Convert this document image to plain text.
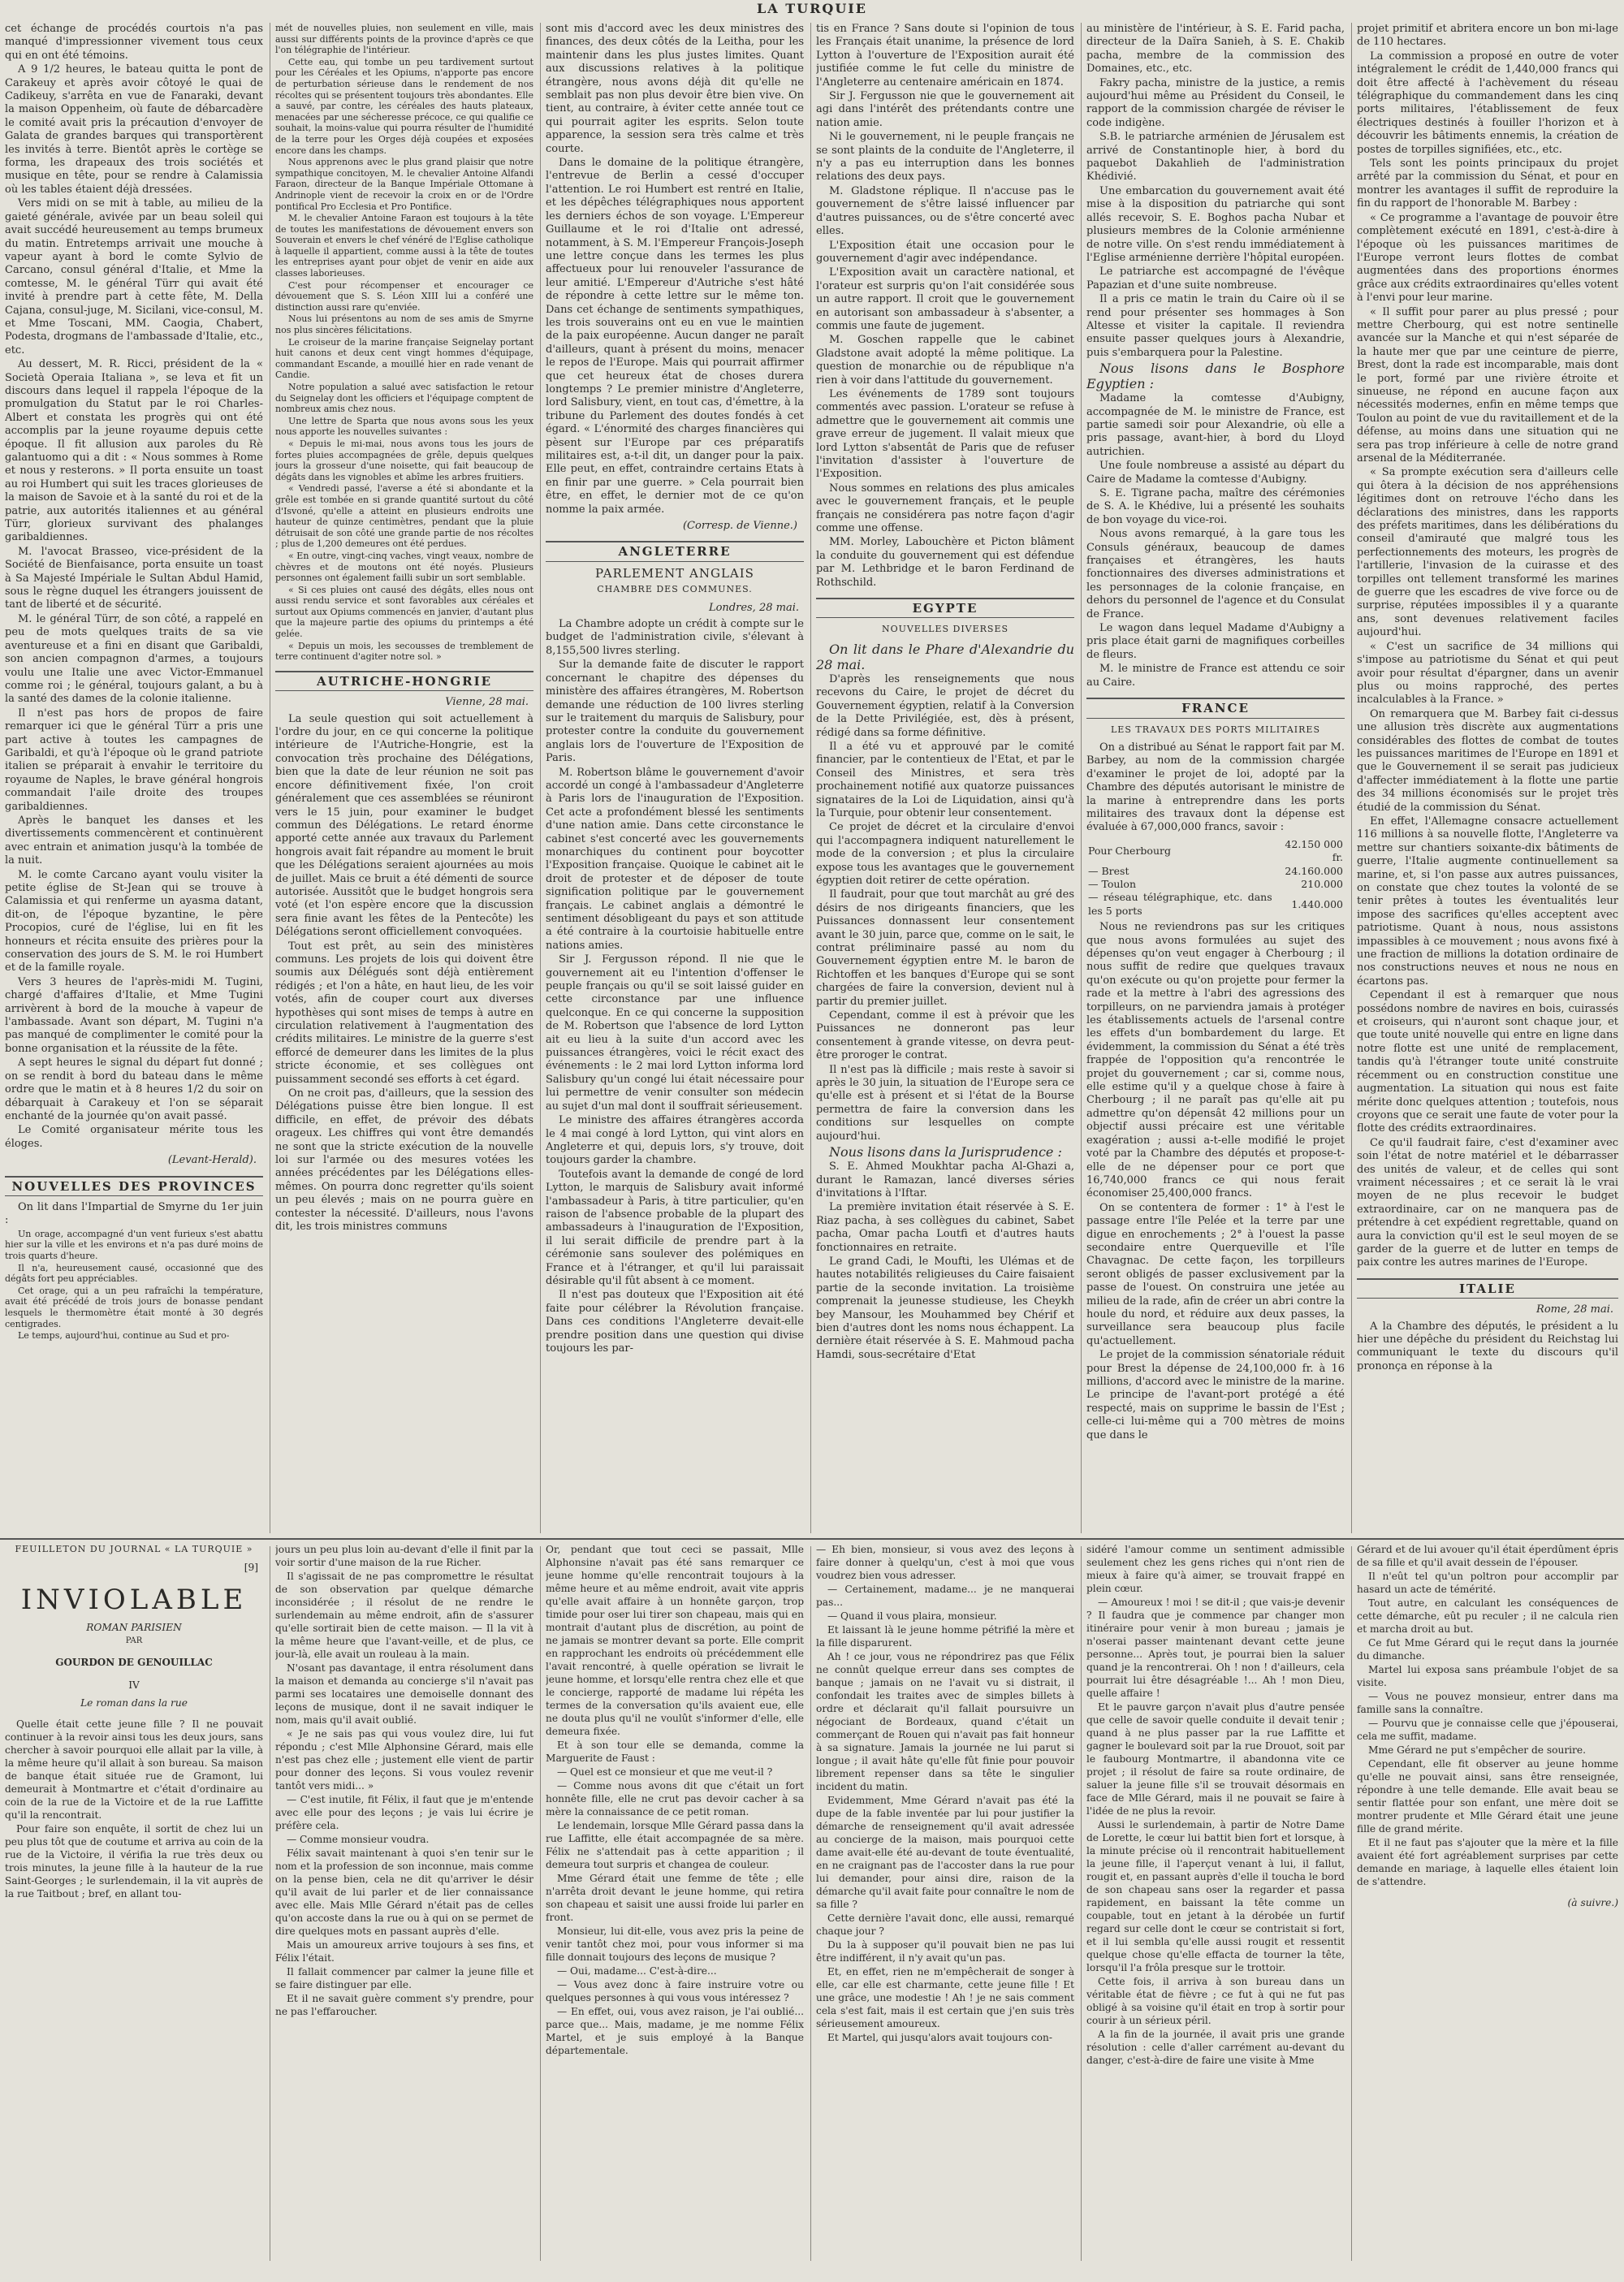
LA TURQUIE

cet échange de procédés courtois n'a pas manqué d'impressionner vivement tous ceux qui en ont été témoins.

A 9 1/2 heures, le bateau quitta le pont de Carakeuy et après avoir côtoyé le quai de Cadikeuy, s'arrêta en vue de Fanaraki, devant la maison Oppenheim, où faute de débarcadère le comité avait pris la précaution d'envoyer de Galata de grandes barques qui transportèrent les invités à terre. Bientôt après le cortège se forma, les drapeaux des trois sociétés et musique en tête, pour se rendre à Calamissia où les tables étaient déjà dressées.

Vers midi on se mit à table, au milieu de la gaieté générale, avivée par un beau soleil qui avait succédé heureusement au temps brumeux du matin. Entretemps arrivait une mouche à vapeur ayant à bord le comte Sylvio de Carcano, consul général d'Italie, et Mme la comtesse, M. le général Türr qui avait été invité à prendre part à cette fête, M. Della Cajana, consul-juge, M. Sicilani, vice-consul, M. et Mme Toscani, MM. Caogia, Chabert, Podesta, drogmans de l'ambassade d'Italie, etc., etc.

Au dessert, M. R. Ricci, président de la « Società Operaia Italiana », se leva et fit un discours dans lequel il rappela l'époque de la promulgation du Statut par le roi Charles-Albert et constata les progrès qui ont été accomplis par la jeune royaume depuis cette époque. Il fit allusion aux paroles du Rè galantuomo qui a dit : « Nous sommes à Rome et nous y resterons. » Il porta ensuite un toast au roi Humbert qui suit les traces glorieuses de la maison de Savoie et à la santé du roi et de la patrie, aux autorités italiennes et au général Türr, glorieux survivant des phalanges garibaldiennes.

M. l'avocat Brasseo, vice-président de la Société de Bienfaisance, porta ensuite un toast à Sa Majesté Impériale le Sultan Abdul Hamid, sous le règne duquel les étrangers jouissent de tant de liberté et de sécurité.

M. le général Türr, de son côté, a rappelé en peu de mots quelques traits de sa vie aventureuse et a fini en disant que Garibaldi, son ancien compagnon d'armes, a toujours voulu une Italie une avec Victor-Emmanuel comme roi ; le général, toujours galant, a bu à la santé des dames de la colonie italienne.

Il n'est pas hors de propos de faire remarquer ici que le général Türr a pris une part active à toutes les campagnes de Garibaldi, et qu'à l'époque où le grand patriote italien se préparait à envahir le territoire du royaume de Naples, le brave général hongrois commandait l'aile droite des troupes garibaldiennes.

Après le banquet les danses et les divertissements commencèrent et continuèrent avec entrain et animation jusqu'à la tombée de la nuit.

M. le comte Carcano ayant voulu visiter la petite église de St-Jean qui se trouve à Calamissia et qui renferme un ayasma datant, dit-on, de l'époque byzantine, le père Procopios, curé de l'église, lui en fit les honneurs et récita ensuite des prières pour la conservation des jours de S. M. le roi Humbert et de la famille royale.

Vers 3 heures de l'après-midi M. Tugini, chargé d'affaires d'Italie, et Mme Tugini arrivèrent à bord de la mouche à vapeur de l'ambassade. Avant son départ, M. Tugini n'a pas manqué de complimenter le comité pour la bonne organisation et la réussite de la fête.

A sept heures le signal du départ fut donné ; on se rendit à bord du bateau dans le même ordre que le matin et à 8 heures 1/2 du soir on débarquait à Carakeuy et l'on se séparait enchanté de la journée qu'on avait passé.

Le Comité organisateur mérite tous les éloges.

(Levant-Herald).
NOUVELLES DES PROVINCES

On lit dans l'Impartial de Smyrne du 1er juin :

Un orage, accompagné d'un vent furieux s'est abattu hier sur la ville et les environs et n'a pas duré moins de trois quarts d'heure.

Il n'a, heureusement causé, occasionné que des dégâts fort peu appréciables.

Cet orage, qui a un peu rafraîchi la température, avait été précédé de trois jours de bonasse pendant lesquels le thermomètre était monté à 30 degrés centigrades.

Le temps, aujourd'hui, continue au Sud et pro-

mét de nouvelles pluies, non seulement en ville, mais aussi sur différents points de la province d'après ce que l'on télégraphie de l'intérieur.

Cette eau, qui tombe un peu tardivement surtout pour les Céréales et les Opiums, n'apporte pas encore de perturbation sérieuse dans le rendement de nos récoltes qui se présentent toujours très abondantes. Elle a sauvé, par contre, les céréales des hauts plateaux, menacées par une sécheresse précoce, ce qui qualifie ce souhait, la moins-value qui pourra résulter de l'humidité de la terre pour les Orges déjà coupées et exposées encore dans les champs.

Nous apprenons avec le plus grand plaisir que notre sympathique concitoyen, M. le chevalier Antoine Alfandi Faraon, directeur de la Banque Impériale Ottomane à Andrinople vient de recevoir la croix en or de l'Ordre pontifical Pro Ecclesia et Pro Pontifice.

M. le chevalier Antoine Faraon est toujours à la tête de toutes les manifestations de dévouement envers son Souverain et envers le chef vénéré de l'Eglise catholique à laquelle il appartient, comme aussi à la tête de toutes les entreprises ayant pour objet de venir en aide aux classes laborieuses.

C'est pour récompenser et encourager ce dévouement que S. S. Léon XIII lui a conféré une distinction aussi rare qu'enviée.

Nous lui présentons au nom de ses amis de Smyrne nos plus sincères félicitations.

Le croiseur de la marine française Seignelay portant huit canons et deux cent vingt hommes d'équipage, commandant Escande, a mouillé hier en rade venant de Candie.

Notre population a salué avec satisfaction le retour du Seignelay dont les officiers et l'équipage comptent de nombreux amis chez nous.

Une lettre de Sparta que nous avons sous les yeux nous apporte les nouvelles suivantes :

« Depuis le mi-mai, nous avons tous les jours de fortes pluies accompagnées de grêle, depuis quelques jours la grosseur d'une noisette, qui fait beaucoup de dégâts dans les vignobles et abîme les arbres fruitiers.

« Vendredi passé, l'averse a été si abondante et la grêle est tombée en si grande quantité surtout du côté d'Isvoné, qu'elle a atteint en plusieurs endroits une hauteur de quinze centimètres, pendant que la pluie détruisait de son côté une grande partie de nos récoltes ; plus de 1,200 demeures ont été perdues.

« En outre, vingt-cinq vaches, vingt veaux, nombre de chèvres et de moutons ont été noyés. Plusieurs personnes ont également failli subir un sort semblable.

« Si ces pluies ont causé des dégâts, elles nous ont aussi rendu service et sont favorables aux céréales et surtout aux Opiums commencés en janvier, d'autant plus que la majeure partie des opiums du printemps a été gelée.

« Depuis un mois, les secousses de tremblement de terre continuent d'agiter notre sol. »

AUTRICHE-HONGRIE
Vienne, 28 mai.

La seule question qui soit actuellement à l'ordre du jour, en ce qui concerne la politique intérieure de l'Autriche-Hongrie, est la convocation très prochaine des Délégations, bien que la date de leur réunion ne soit pas encore définitivement fixée, l'on croit généralement que ces assemblées se réuniront vers le 15 juin, pour examiner le budget commun des Délégations. Le retard énorme apporté cette année aux travaux du Parlement hongrois avait fait répandre au moment le bruit que les Délégations seraient ajournées au mois de juillet. Mais ce bruit a été démenti de source autorisée. Aussitôt que le budget hongrois sera voté (et l'on espère encore que la discussion sera finie avant les fêtes de la Pentecôte) les Délégations seront officiellement convoquées.

Tout est prêt, au sein des ministères communs. Les projets de lois qui doivent être soumis aux Délégués sont déjà entièrement rédigés ; et l'on a hâte, en haut lieu, de les voir votés, afin de couper court aux diverses hypothèses qui sont mises de temps à autre en circulation relativement à l'augmentation des crédits militaires. Le ministre de la guerre s'est efforcé de demeurer dans les limites de la plus stricte économie, et ses collègues ont puissamment secondé ses efforts à cet égard.

On ne croit pas, d'ailleurs, que la session des Délégations puisse être bien longue. Il est difficile, en effet, de prévoir des débats orageux. Les chiffres qui vont être demandés ne sont que la stricte exécution de la nouvelle loi sur l'armée ou des mesures votées les années précédentes par les Délégations elles-mêmes. On pourra donc regretter qu'ils soient un peu élevés ; mais on ne pourra guère en contester la nécessité. D'ailleurs, nous l'avons dit, les trois ministres communs

sont mis d'accord avec les deux ministres des finances, des deux côtés de la Leitha, pour les maintenir dans les plus justes limites. Quant aux discussions relatives à la politique étrangère, nous avons déjà dit qu'elle ne semblait pas non plus devoir être bien vive. On tient, au contraire, à éviter cette année tout ce qui pourrait agiter les esprits. Selon toute apparence, la session sera très calme et très courte.

Dans le domaine de la politique étrangère, l'entrevue de Berlin a cessé d'occuper l'attention. Le roi Humbert est rentré en Italie, et les dépêches télégraphiques nous apportent les derniers échos de son voyage. L'Empereur Guillaume et le roi d'Italie ont adressé, notamment, à S. M. l'Empereur François-Joseph une lettre conçue dans les termes les plus affectueux pour lui renouveler l'assurance de leur amitié. L'Empereur d'Autriche s'est hâté de répondre à cette lettre sur le même ton. Dans cet échange de sentiments sympathiques, les trois souverains ont eu en vue le maintien de la paix européenne. Aucun danger ne paraît d'ailleurs, quant à présent du moins, menacer le repos de l'Europe. Mais qui pourrait affirmer que cet heureux état de choses durera longtemps ? Le premier ministre d'Angleterre, lord Salisbury, vient, en tout cas, d'émettre, à la tribune du Parlement des doutes fondés à cet égard. « L'énormité des charges financières qui pèsent sur l'Europe par ces préparatifs militaires est, a-t-il dit, un danger pour la paix. Elle peut, en effet, contraindre certains Etats à en finir par une guerre. » Cela pourrait bien être, en effet, le dernier mot de ce qu'on nomme la paix armée.

(Corresp. de Vienne.)
ANGLETERRE
PARLEMENT ANGLAIS
CHAMBRE DES COMMUNES.
Londres, 28 mai.

La Chambre adopte un crédit à compte sur le budget de l'administration civile, s'élevant à 8,155,500 livres sterling.

Sur la demande faite de discuter le rapport concernant le chapitre des dépenses du ministère des affaires étrangères, M. Robertson demande une réduction de 100 livres sterling sur le traitement du marquis de Salisbury, pour protester contre la conduite du gouvernement anglais lors de l'ouverture de l'Exposition de Paris.

M. Robertson blâme le gouvernement d'avoir accordé un congé à l'ambassadeur d'Angleterre à Paris lors de l'inauguration de l'Exposition. Cet acte a profondément blessé les sentiments d'une nation amie. Dans cette circonstance le cabinet s'est concerté avec les gouvernements monarchiques du continent pour boycotter l'Exposition française. Quoique le cabinet ait le droit de protester et de déposer de toute signification politique par le gouvernement français. Le cabinet anglais a démontré le sentiment désobligeant du pays et son attitude a été contraire à la courtoisie habituelle entre nations amies.

Sir J. Fergusson répond. Il nie que le gouvernement ait eu l'intention d'offenser le peuple français ou qu'il se soit laissé guider en cette circonstance par une influence quelconque. En ce qui concerne la supposition de M. Robertson que l'absence de lord Lytton ait eu lieu à la suite d'un accord avec les puissances étrangères, voici le récit exact des événements : le 2 mai lord Lytton informa lord Salisbury qu'un congé lui était nécessaire pour lui permettre de venir consulter son médecin au sujet d'un mal dont il souffrait sérieusement.

Le ministre des affaires étrangères accorda le 4 mai congé à lord Lytton, qui vint alors en Angleterre et qui, depuis lors, s'y trouve, doit toujours garder la chambre.

Toutefois avant la demande de congé de lord Lytton, le marquis de Salisbury avait informé l'ambassadeur à Paris, à titre particulier, qu'en raison de l'absence probable de la plupart des ambassadeurs à l'inauguration de l'Exposition, il lui serait difficile de prendre part à la cérémonie sans soulever des polémiques en France et à l'étranger, et qu'il lui paraissait désirable qu'il fût absent à ce moment.

Il n'est pas douteux que l'Exposition ait été faite pour célébrer la Révolution française. Dans ces conditions l'Angleterre devait-elle prendre position dans une question qui divise toujours les par-

tis en France ? Sans doute si l'opinion de tous les Français était unanime, la présence de lord Lytton à l'ouverture de l'Exposition aurait été justifiée comme le fut celle du ministre de l'Angleterre au centenaire américain en 1874.

Sir J. Fergusson nie que le gouvernement ait agi dans l'intérêt des prétendants contre une nation amie.

Ni le gouvernement, ni le peuple français ne se sont plaints de la conduite de l'Angleterre, il n'y a pas eu interruption dans les bonnes relations des deux pays.

M. Gladstone réplique. Il n'accuse pas le gouvernement de s'être laissé influencer par d'autres puissances, ou de s'être concerté avec elles.

L'Exposition était une occasion pour le gouvernement d'agir avec indépendance.

L'Exposition avait un caractère national, et l'orateur est surpris qu'on l'ait considérée sous un autre rapport. Il croit que le gouvernement en autorisant son ambassadeur à s'absenter, a commis une faute de jugement.

M. Goschen rappelle que le cabinet Gladstone avait adopté la même politique. La question de monarchie ou de république n'a rien à voir dans l'attitude du gouvernement.

Les événements de 1789 sont toujours commentés avec passion. L'orateur se refuse à admettre que le gouvernement ait commis une grave erreur de jugement. Il valait mieux que lord Lytton s'absentât de Paris que de refuser l'invitation d'assister à l'ouverture de l'Exposition.

Nous sommes en relations des plus amicales avec le gouvernement français, et le peuple français ne considérera pas notre façon d'agir comme une offense.

MM. Morley, Labouchère et Picton blâment la conduite du gouvernement qui est défendue par M. Lethbridge et le baron Ferdinand de Rothschild.

EGYPTE
NOUVELLES DIVERSES

On lit dans le Phare d'Alexandrie du 28 mai.

D'après les renseignements que nous recevons du Caire, le projet de décret du Gouvernement égyptien, relatif à la Conversion de la Dette Privilégiée, est, dès à présent, rédigé dans sa forme définitive.

Il a été vu et approuvé par le comité financier, par le contentieux de l'Etat, et par le Conseil des Ministres, et sera très prochainement notifié aux quatorze puissances signataires de la Loi de Liquidation, ainsi qu'à la Turquie, pour obtenir leur consentement.

Ce projet de décret et la circulaire d'envoi qui l'accompagnera indiquent naturellement le mode de la conversion ; et plus la circulaire expose tous les avantages que le gouvernement égyptien doit retirer de cette opération.

Il faudrait, pour que tout marchât au gré des désirs de nos dirigeants financiers, que les Puissances donnassent leur consentement avant le 30 juin, parce que, comme on le sait, le contrat préliminaire passé au nom du Gouvernement égyptien entre M. le baron de Richtoffen et les banques d'Europe qui se sont chargées de faire la conversion, devient nul à partir du premier juillet.

Cependant, comme il est à prévoir que les Puissances ne donneront pas leur consentement à grande vitesse, on devra peut-être proroger le contrat.

Il n'est pas là difficile ; mais reste à savoir si après le 30 juin, la situation de l'Europe sera ce qu'elle est à présent et si l'état de la Bourse permettra de faire la conversion dans les conditions sur lesquelles on compte aujourd'hui.

Nous lisons dans la Jurisprudence :

S. E. Ahmed Moukhtar pacha Al-Ghazi a, durant le Ramazan, lancé diverses séries d'invitations à l'Iftar.

La première invitation était réservée à S. E. Riaz pacha, à ses collègues du cabinet, Sabet pacha, Omar pacha Loutfi et d'autres hauts fonctionnaires en retraite.

Le grand Cadi, le Moufti, les Ulémas et de hautes notabilités religieuses du Caire faisaient partie de la seconde invitation. La troisième comprenait la jeunesse studieuse, les Cheykh bey Mansour, les Mouhammed bey Chérif et bien d'autres dont les noms nous échappent. La dernière était réservée à S. E. Mahmoud pacha Hamdi, sous-secrétaire d'Etat

au ministère de l'intérieur, à S. E. Farid pacha, directeur de la Daïra Sanieh, à S. E. Chakib pacha, membre de la commission des Domaines, etc., etc.

Fakry pacha, ministre de la justice, a remis aujourd'hui même au Président du Conseil, le rapport de la commission chargée de réviser le code indigène.

S.B. le patriarche arménien de Jérusalem est arrivé de Constantinople hier, à bord du paquebot Dakahlieh de l'administration Khédivié.

Une embarcation du gouvernement avait été mise à la disposition du patriarche qui sont allés recevoir, S. E. Boghos pacha Nubar et plusieurs membres de la Colonie arménienne de notre ville. On s'est rendu immédiatement à l'Eglise arménienne derrière l'hôpital européen.

Le patriarche est accompagné de l'évêque Papazian et d'une suite nombreuse.

Il a pris ce matin le train du Caire où il se rend pour présenter ses hommages à Son Altesse et visiter la capitale. Il reviendra ensuite passer quelques jours à Alexandrie, puis s'embarquera pour la Palestine.

Nous lisons dans le Bosphore Egyptien :

Madame la comtesse d'Aubigny, accompagnée de M. le ministre de France, est partie samedi soir pour Alexandrie, où elle a pris passage, avant-hier, à bord du Lloyd autrichien.

Une foule nombreuse a assisté au départ du Caire de Madame la comtesse d'Aubigny.

S. E. Tigrane pacha, maître des cérémonies de S. A. le Khédive, lui a présenté les souhaits de bon voyage du vice-roi.

Nous avons remarqué, à la gare tous les Consuls généraux, beaucoup de dames françaises et étrangères, les hauts fonctionnaires des diverses administrations et les personnages de la colonie française, en dehors du personnel de l'agence et du Consulat de France.

Le wagon dans lequel Madame d'Aubigny a pris place était garni de magnifiques corbeilles de fleurs.

M. le ministre de France est attendu ce soir au Caire.

FRANCE
LES TRAVAUX DES PORTS MILITAIRES

On a distribué au Sénat le rapport fait par M. Barbey, au nom de la commission chargée d'examiner le projet de loi, adopté par la Chambre des députés autorisant le ministre de la marine à entreprendre dans les ports militaires des travaux dont la dépense est évaluée à 67,000,000 francs, savoir :

Pour Cherbourg	42.150 000 fr.
— Brest	24.160.000
— Toulon	210.000
— réseau télégraphique, etc. dans les 5 ports	1.440.000

Nous ne reviendrons pas sur les critiques que nous avons formulées au sujet des dépenses qu'on veut engager à Cherbourg ; il nous suffit de redire que quelques travaux qu'on exécute ou qu'on projette pour fermer la rade et la mettre à l'abri des agressions des torpilleurs, on ne parviendra jamais à protéger les établissements actuels de l'arsenal contre les effets d'un bombardement du large. Et évidemment, la commission du Sénat a été très frappée de l'opposition qu'a rencontrée le projet du gouvernement ; car si, comme nous, elle estime qu'il y a quelque chose à faire à Cherbourg ; il ne paraît pas qu'elle ait pu admettre qu'on dépensât 42 millions pour un objectif aussi précaire est une véritable exagération ; aussi a-t-elle modifié le projet voté par la Chambre des députés et propose-t-elle de ne dépenser pour ce port que 16,740,000 francs ce qui nous ferait économiser 25,400,000 francs.

On se contentera de former : 1° à l'est le passage entre l'île Pelée et la terre par une digue en enrochements ; 2° à l'ouest la passe secondaire entre Querqueville et l'île Chavagnac. De cette façon, les torpilleurs seront obligés de passer exclusivement par la passe de l'ouest. On construira une jetée au milieu de la rade, afin de créer un abri contre la houle du nord, et réduire aux deux passes, la surveillance sera beaucoup plus facile qu'actuellement.

Le projet de la commission sénatoriale réduit pour Brest la dépense de 24,100,000 fr. à 16 millions, d'accord avec le ministre de la marine. Le principe de l'avant-port protégé a été respecté, mais on supprime le bassin de l'Est ; celle-ci lui-même qui a 700 mètres de moins que dans le

projet primitif et abritera encore un bon mi-lage de 110 hectares.

La commission a proposé en outre de voter intégralement le crédit de 1,440,000 francs qui doit être affecté à l'achèvement du réseau télégraphique du commandement dans les cinq ports militaires, l'établissement de feux électriques destinés à fouiller l'horizon et à découvrir les bâtiments ennemis, la création de postes de torpilles signifiées, etc., etc.

Tels sont les points principaux du projet arrêté par la commission du Sénat, et pour en montrer les avantages il suffit de reproduire la fin du rapport de l'honorable M. Barbey :

« Ce programme a l'avantage de pouvoir être complètement exécuté en 1891, c'est-à-dire à l'époque où les puissances maritimes de l'Europe verront leurs flottes de combat augmentées dans des proportions énormes grâce aux crédits extraordinaires qu'elles votent à l'envi pour leur marine.

« Il suffit pour parer au plus pressé ; pour mettre Cherbourg, qui est notre sentinelle avancée sur la Manche et qui n'est séparée de la haute mer que par une ceinture de pierre, Brest, dont la rade est incomparable, mais dont le port, formé par une rivière étroite et sinueuse, ne répond en aucune façon aux nécessités modernes, enfin en même temps que Toulon au point de vue du ravitaillement et de la défense, au moins dans une situation qui ne sera pas trop inférieure à celle de notre grand arsenal de la Méditerranée.

« Sa prompte exécution sera d'ailleurs celle qui ôtera à la décision de nos appréhensions légitimes dont on retrouve l'écho dans les déclarations des ministres, dans les rapports des préfets maritimes, dans les délibérations du conseil d'amirauté que malgré tous les perfectionnements des moteurs, les progrès de l'artillerie, l'invasion de la cuirasse et des torpilles ont tellement transformé les marines de guerre que les escadres de vive force ou de surprise, réputées impossibles il y a quarante ans, sont devenues relativement faciles aujourd'hui.

« C'est un sacrifice de 34 millions qui s'impose au patriotisme du Sénat et qui peut avoir pour résultat d'épargner, dans un avenir plus ou moins rapproché, des pertes incalculables à la France. »

On remarquera que M. Barbey fait ci-dessus une allusion très discrète aux augmentations considérables des flottes de combat de toutes les puissances maritimes de l'Europe en 1891 et que le Gouvernement il se serait pas judicieux d'affecter immédiatement à la flotte une partie des 34 millions économisés sur le projet très étudié de la commission du Sénat.

En effet, l'Allemagne consacre actuellement 116 millions à sa nouvelle flotte, l'Angleterre va mettre sur chantiers soixante-dix bâtiments de guerre, l'Italie augmente continuellement sa marine, et, si l'on passe aux autres puissances, on constate que chez toutes la volonté de se tenir prêtes à toutes les éventualités leur impose des sacrifices qu'elles acceptent avec patriotisme. Quant à nous, nous assistons impassibles à ce mouvement ; nous avons fixé à une fraction de millions la dotation ordinaire de nos constructions neuves et nous ne nous en écartons pas.

Cependant il est à remarquer que nous possédons nombre de navires en bois, cuirassés et croiseurs, qui n'auront sont chaque jour, et que toute unité nouvelle qui entre en ligne dans notre flotte est une unité de remplacement, tandis qu'à l'étranger toute unité construite récemment ou en construction constitue une augmentation. La situation qui nous est faite mérite donc quelques attention ; toutefois, nous croyons que ce serait une faute de voter pour la flotte des crédits extraordinaires.

Ce qu'il faudrait faire, c'est d'examiner avec soin l'état de notre matériel et le débarrasser des unités de valeur, et de celles qui sont vraiment nécessaires ; et ce serait là le vrai moyen de ne plus recevoir le budget extraordinaire, car on ne manquera pas de prétendre à cet expédient regrettable, quand on aura la conviction qu'il est le seul moyen de se garder de la guerre et de lutter en temps de paix contre les autres marines de l'Europe.

ITALIE
Rome, 28 mai.

A la Chambre des députés, le président a lu hier une dépêche du président du Reichstag lui communiquant le texte du discours qu'il prononça en réponse à la

FEUILLETON DU JOURNAL « LA TURQUIE »
[9]
INVIOLABLE

ROMAN PARISIEN

PAR

GOURDON DE GENOUILLAC
IV

Le roman dans la rue

Quelle était cette jeune fille ? Il ne pouvait continuer à la revoir ainsi tous les deux jours, sans chercher à savoir pourquoi elle allait par la ville, à la même heure qu'il allait à son bureau. Sa maison de banque était située rue de Gramont, lui demeurait à Montmartre et c'était d'ordinaire au coin de la rue de la Victoire et de la rue Laffitte qu'il la rencontrait.

Pour faire son enquête, il sortit de chez lui un peu plus tôt que de coutume et arriva au coin de la rue de la Victoire, il vérifia la rue très deux ou trois minutes, la jeune fille à la hauteur de la rue Saint-Georges ; le surlendemain, il la vit auprès de la rue Taitbout ; bref, en allant tou-

jours un peu plus loin au-devant d'elle il finit par la voir sortir d'une maison de la rue Richer.

Il s'agissait de ne pas compromettre le résultat de son observation par quelque démarche inconsidérée ; il résolut de ne rendre le surlendemain au même endroit, afin de s'assurer qu'elle sortirait bien de cette maison. — Il la vit à la même heure que l'avant-veille, et de plus, ce jour-là, elle avait un rouleau à la main.

N'osant pas davantage, il entra résolument dans la maison et demanda au concierge s'il n'avait pas parmi ses locataires une demoiselle donnant des leçons de musique, dont il ne savait indiquer le nom, mais qu'il avait oublié.

« Je ne sais pas qui vous voulez dire, lui fut répondu ; c'est Mlle Alphonsine Gérard, mais elle n'est pas chez elle ; justement elle vient de partir pour donner des leçons. Si vous voulez revenir tantôt vers midi... »

— C'est inutile, fit Félix, il faut que je m'entende avec elle pour des leçons ; je vais lui écrire je préfère cela.

— Comme monsieur voudra.

Félix savait maintenant à quoi s'en tenir sur le nom et la profession de son inconnue, mais comme on la pense bien, cela ne dit qu'arriver le désir qu'il avait de lui parler et de lier connaissance avec elle. Mais Mlle Gérard n'était pas de celles qu'on accoste dans la rue ou à qui on se permet de dire quelques mots en passant auprès d'elle.

Mais un amoureux arrive toujours à ses fins, et Félix l'était.

Il fallait commencer par calmer la jeune fille et se faire distinguer par elle.

Et il ne savait guère comment s'y prendre, pour ne pas l'effaroucher.

Or, pendant que tout ceci se passait, Mlle Alphonsine n'avait pas été sans remarquer ce jeune homme qu'elle rencontrait toujours à la même heure et au même endroit, avait vite appris qu'elle avait affaire à un honnête garçon, trop timide pour oser lui tirer son chapeau, mais qui en montrait d'autant plus de discrétion, au point de ne jamais se montrer devant sa porte. Elle comprit en rapprochant les endroits où précédemment elle l'avait rencontré, à quelle opération se livrait le jeune homme, et lorsqu'elle rentra chez elle et que le concierge, rapporté de madame lui répéta les termes de la conversation qu'ils avaient eue, elle ne douta plus qu'il ne voulût s'informer d'elle, elle demeura fixée.

Et à son tour elle se demanda, comme la Marguerite de Faust :

— Quel est ce monsieur et que me veut-il ?

— Comme nous avons dit que c'était un fort honnête fille, elle ne crut pas devoir cacher à sa mère la connaissance de ce petit roman.

Le lendemain, lorsque Mlle Gérard passa dans la rue Laffitte, elle était accompagnée de sa mère. Félix ne s'attendait pas à cette apparition ; il demeura tout surpris et changea de couleur.

Mme Gérard était une femme de tête ; elle n'arrêta droit devant le jeune homme, qui retira son chapeau et saisit une aussi froide lui parler en front.

Monsieur, lui dit-elle, vous avez pris la peine de venir tantôt chez moi, pour vous informer si ma fille donnait toujours des leçons de musique ?

— Oui, madame... C'est-à-dire...

— Vous avez donc à faire instruire votre ou quelques personnes à qui vous vous intéressez ?

— En effet, oui, vous avez raison, je l'ai oublié... parce que... Mais, madame, je me nomme Félix Martel, et je suis employé à la Banque départementale.

— Eh bien, monsieur, si vous avez des leçons à faire donner à quelqu'un, c'est à moi que vous voudrez bien vous adresser.

— Certainement, madame... je ne manquerai pas...

— Quand il vous plaira, monsieur.

Et laissant là le jeune homme pétrifié la mère et la fille disparurent.

Ah ! ce jour, vous ne répondrirez pas que Félix ne connût quelque erreur dans ses comptes de banque ; jamais on ne l'avait vu si distrait, il confondait les traites avec de simples billets à ordre et déclarait qu'il fallait poursuivre un négociant de Bordeaux, quand c'était un commerçant de Rouen qui n'avait pas fait honneur à sa signature. Jamais la journée ne lui parut si longue ; il avait hâte qu'elle fût finie pour pouvoir librement repenser dans sa tête le singulier incident du matin.

Evidemment, Mme Gérard n'avait pas été la dupe de la fable inventée par lui pour justifier la démarche de renseignement qu'il avait adressée au concierge de la maison, mais pourquoi cette dame avait-elle été au-devant de toute éventualité, en ne craignant pas de l'accoster dans la rue pour lui demander, pour ainsi dire, raison de la démarche qu'il avait faite pour connaître le nom de sa fille ?

Cette dernière l'avait donc, elle aussi, remarqué chaque jour ?

Du la à supposer qu'il pouvait bien ne pas lui être indifférent, il n'y avait qu'un pas.

Et, en effet, rien ne m'empêcherait de songer à elle, car elle est charmante, cette jeune fille ! Et une grâce, une modestie ! Ah ! je ne sais comment cela s'est fait, mais il est certain que j'en suis très sérieusement amoureux.

Et Martel, qui jusqu'alors avait toujours con-

sidéré l'amour comme un sentiment admissible seulement chez les gens riches qui n'ont rien de mieux à faire qu'à aimer, se trouvait frappé en plein cœur.

— Amoureux ! moi ! se dit-il ; que vais-je devenir ? Il faudra que je commence par changer mon itinéraire pour venir à mon bureau ; jamais je n'oserai passer maintenant devant cette jeune personne... Après tout, je pourrai bien la saluer quand je la rencontrerai. Oh ! non ! d'ailleurs, cela pourrait lui être désagréable !... Ah ! mon Dieu, quelle affaire !

Et le pauvre garçon n'avait plus d'autre pensée que celle de savoir quelle conduite il devait tenir ; quand à ne plus passer par la rue Laffitte et gagner le boulevard soit par la rue Drouot, soit par le faubourg Montmartre, il abandonna vite ce projet ; il résolut de faire sa route ordinaire, de saluer la jeune fille s'il se trouvait désormais en face de Mlle Gérard, mais il ne pouvait se faire à l'idée de ne plus la revoir.

Aussi le surlendemain, à partir de Notre Dame de Lorette, le cœur lui battit bien fort et lorsque, à la minute précise où il rencontrait habituellement la jeune fille, il l'aperçut venant à lui, il fallut, rougit et, en passant auprès d'elle il toucha le bord de son chapeau sans oser la regarder et passa rapidement, en baissant la tête comme un coupable, tout en jetant à la dérobée un furtif regard sur celle dont le cœur se contristait si fort, et il lui sembla qu'elle aussi rougit et ressentit quelque chose qu'elle effacta de tourner la tête, lorsqu'il l'a frôla presque sur le trottoir.

Cette fois, il arriva à son bureau dans un véritable état de fièvre ; ce fut à qui ne fut pas obligé à sa voisine qu'il était en trop à sortir pour courir à un sérieux péril.

A la fin de la journée, il avait pris une grande résolution : celle d'aller carrément au-devant du danger, c'est-à-dire de faire une visite à Mme

Gérard et de lui avouer qu'il était éperdûment épris de sa fille et qu'il avait dessein de l'épouser.

Il n'eût tel qu'un poltron pour accomplir par hasard un acte de témérité.

Tout autre, en calculant les conséquences de cette démarche, eût pu reculer ; il ne calcula rien et marcha droit au but.

Ce fut Mme Gérard qui le reçut dans la journée du dimanche.

Martel lui exposa sans préambule l'objet de sa visite.

— Vous ne pouvez monsieur, entrer dans ma famille sans la connaître.

— Pourvu que je connaisse celle que j'épouserai, cela me suffit, madame.

Mme Gérard ne put s'empêcher de sourire.

Cependant, elle fit observer au jeune homme qu'elle ne pouvait ainsi, sans être renseignée, répondre à une telle demande. Elle avait beau se sentir flattée pour son enfant, une mère doit se montrer prudente et Mlle Gérard était une jeune fille de grand mérite.

Et il ne faut pas s'ajouter que la mère et la fille avaient été fort agréablement surprises par cette demande en mariage, à laquelle elles étaient loin de s'attendre.

(à suivre.)
